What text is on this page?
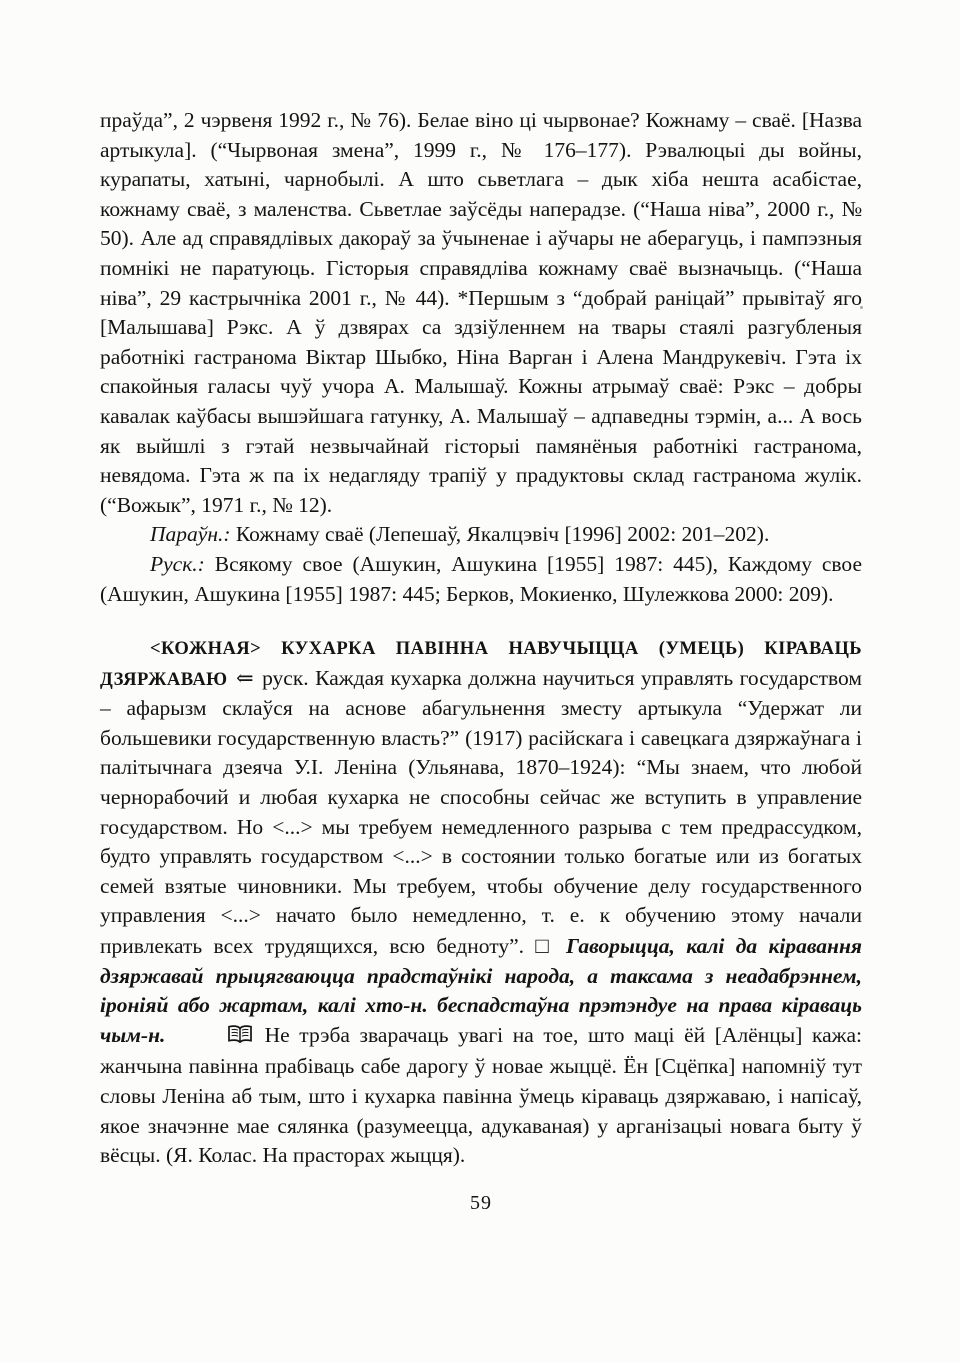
праўда”, 2 чэрвеня 1992 г., № 76). Белае віно ці чырвонае? Кожнаму – сваё. [Назва артыкула]. (“Чырвоная змена”, 1999 г., № 176–177). Рэвалюцыі ды войны, курапаты, хатыні, чарнобылі. А што сьветлага – дык хіба нешта асабістае, кожнаму сваё, з маленства. Сьветлае заўсёды наперадзе. (“Наша ніва”, 2000 г., № 50). Але ад справядлівых дакораў за ўчыненае і аўчары не аберагуць, і пампэзныя помнікі не паратуюць. Гісторыя справядліва кожнаму сваё вызначыць. (“Наша ніва”, 29 кастрычніка 2001 г., № 44). *Першым з “добрай раніцай” прывітаў яго [Малышава] Рэкс. А ў дзвярах са здзіўленнем на твары стаялі разгубленыя работнікі гастранома Віктар Шыбко, Ніна Варган і Алена Мандрукевіч. Гэта іх спакойныя галасы чуў учора А. Малышаў. Кожны атрымаў сваё: Рэкс – добры кавалак каўбасы вышэйшага гатунку, А. Малышаў – адпаведны тэрмін, а... А вось як выйшлі з гэтай незвычайнай гісторыі памянёныя работнікі гастранома, невядома. Гэта ж па іх недагляду трапіў у прадуктовы склад гастранома жулік. (“Вожык”, 1971 г., № 12).

Параўн.: Кожнаму сваё (Лепешаў, Якалцэвіч [1996] 2002: 201–202).

Руск.: Всякому свое (Ашукин, Ашукина [1955] 1987: 445), Каждому свое (Ашукин, Ашукина [1955] 1987: 445; Берков, Мокиенко, Шулежкова 2000: 209).

<КОЖНАЯ> КУХАРКА ПАВІННА НАВУЧЫЦЦА (УМЕЦЬ) КІРАВАЦЬ ДЗЯРЖАВАЮ ⇐ руск. Каждая кухарка должна научиться управлять государством – афарызм склаўся на аснове абагульнення зместу артыкула “Удержат ли большевики государственную власть?” (1917) расійскага і савецкага дзяржаўнага і палітычнага дзеяча У.І. Леніна (Ульянава, 1870–1924): “Мы знаем, что любой чернорабочий и любая кухарка не способны сейчас же вступить в управление государством. Но <...> мы требуем немедленного разрыва с тем предрассудком, будто управлять государством <...> в состоянии только богатые или из богатых семей взятые чиновники. Мы требуем, чтобы обучение делу государственного управления <...> начато было немедленно, т. е. к обучению этому начали привлекать всех трудящихся, всю бедноту”. □ Гаворыцца, калі да кіравання дзяржавай прыцягваюцца прадстаўнікі народа, а таксама з неадабрэннем, іроніяй або жартам, калі хто-н. беспадстаўна прэтэндуе на права кіраваць чым-н.	Не трэба зварачаць увагі на тое, што маці ёй [Алёнцы] кажа: жанчына павінна прабіваць сабе дарогу ў новае жыццё. Ён [Сцёпка] напомніў тут словы Леніна аб тым, што і кухарка павінна ўмець кіраваць дзяржаваю, і напісаў, якое значэнне мае сялянка (разумеецца, адукаваная) у арганізацыі новага быту ў вёсцы. (Я. Колас. На прасторах жыцця).

59
